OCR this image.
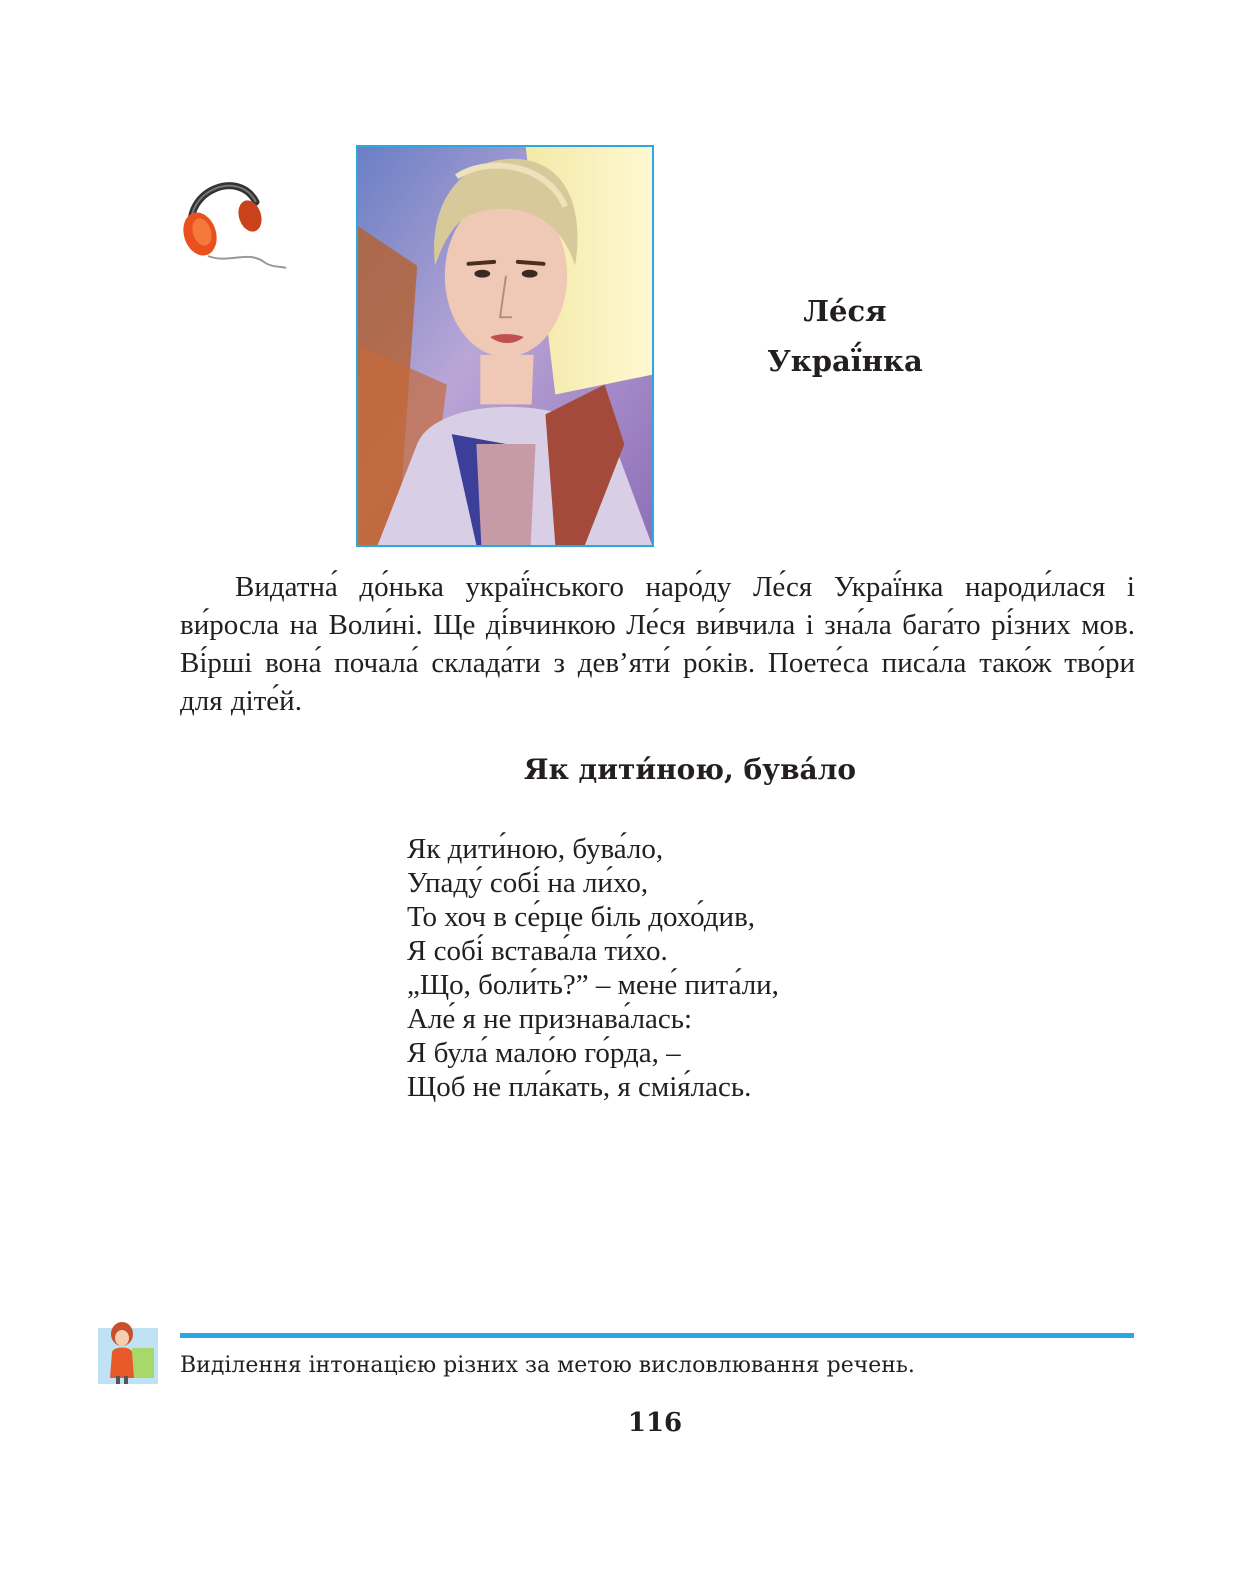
Ле́ся
Украї́нка

Видатна́ до́нька украї́нського наро́ду Ле́ся Украї́нка народи́лася і ви́росла на Воли́ні. Ще ді́вчинкою Ле́ся ви́вчила і зна́ла бага́то рі́зних мов. Ві́рші вона́ почала́ склада́ти з дев’яти́ ро́ків. Поете́са писа́ла тако́ж тво́ри для діте́й.

Як дити́ною, бува́ло
Як дити́ною, бува́ло,
Упаду́ собі́ на ли́хо,
То хоч в се́рце біль дохо́див,
Я собі́ встава́ла ти́хо.
„Що, боли́ть?” – мене́ пита́ли,
Але́ я не признава́лась:
Я була́ мало́ю го́рда, –
Щоб не пла́кать, я смія́лась.
Виділення інтонацією різних за метою висловлювання речень.
116
